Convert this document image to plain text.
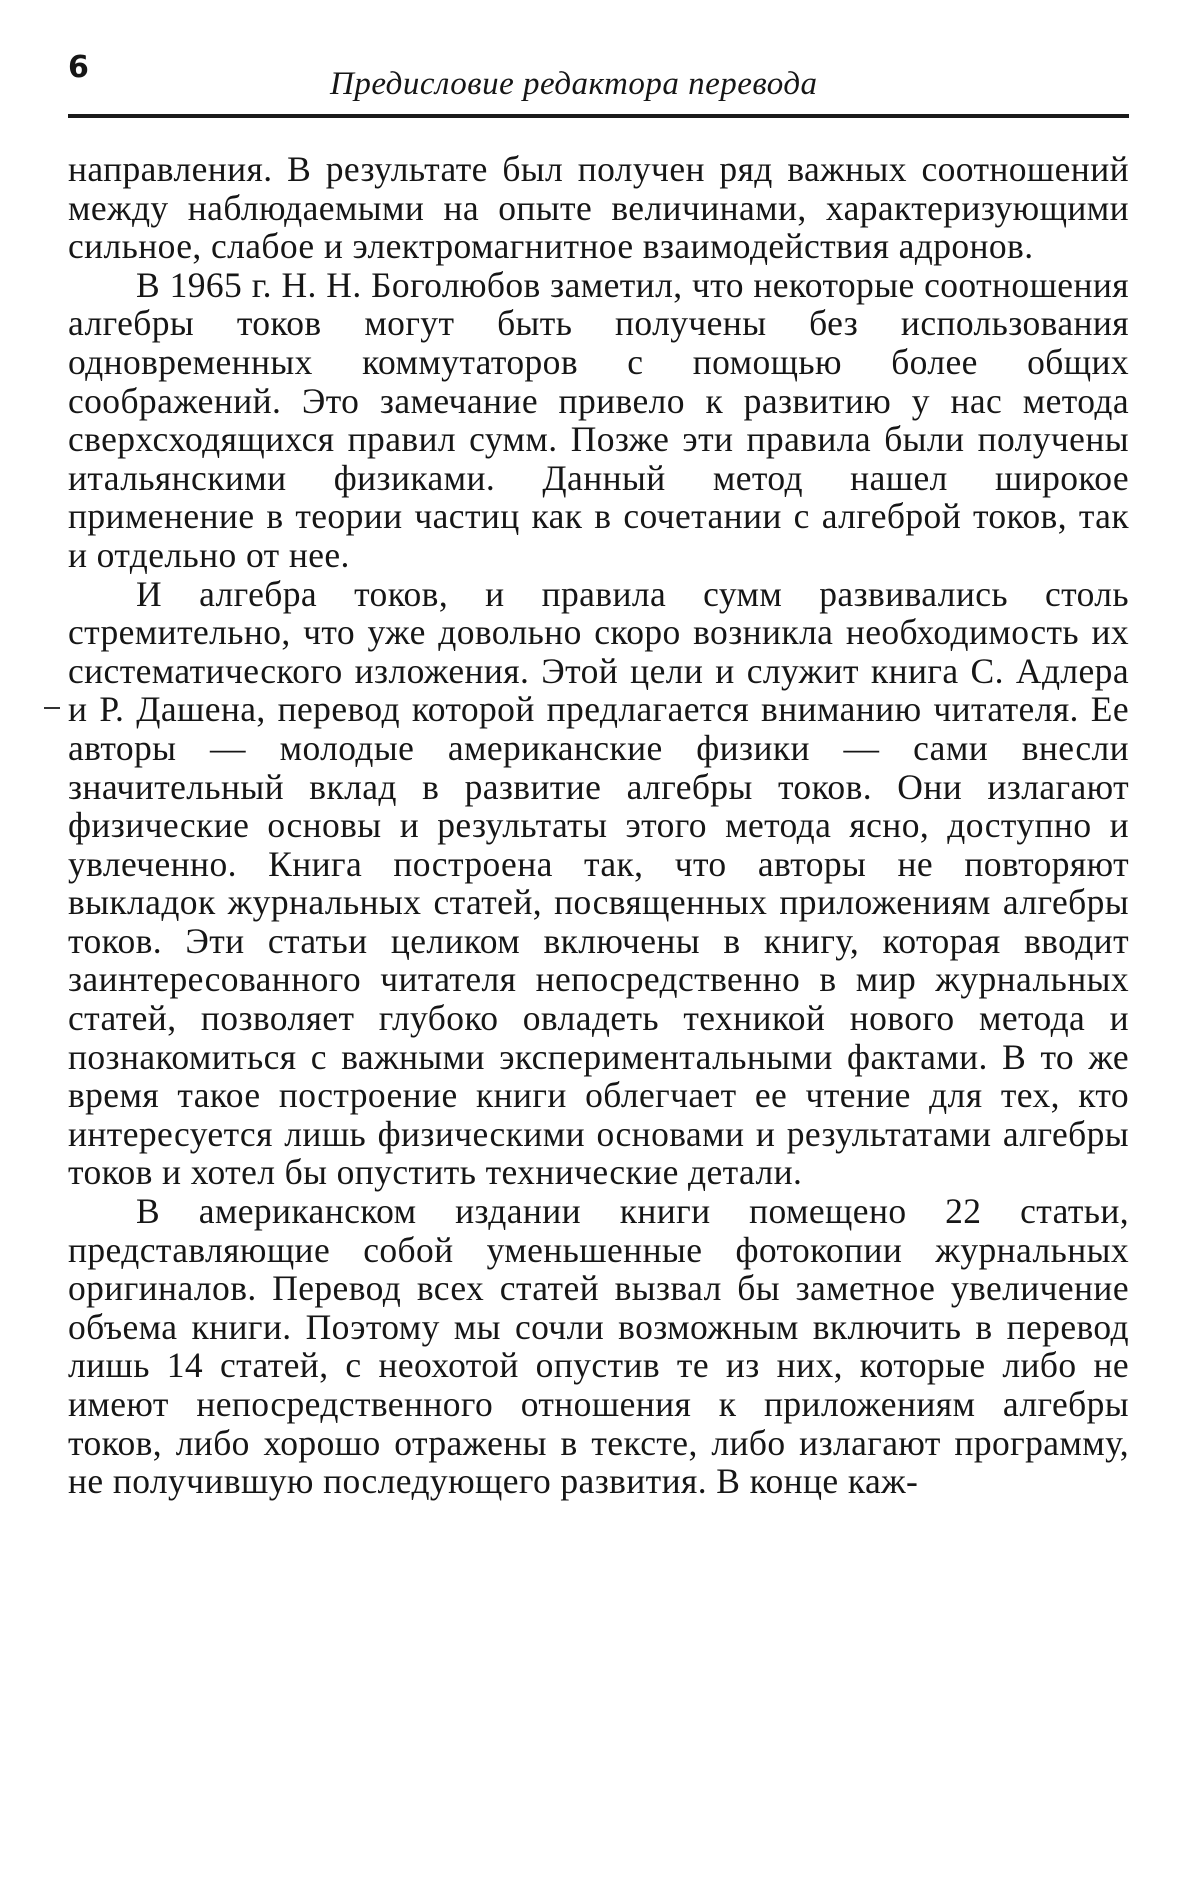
6	Предисловие редактора перевода

направления. В результате был получен ряд важных соотношений между наблюдаемыми на опыте величинами, характеризующими сильное, слабое и электромагнитное взаимодействия адронов.

В 1965 г. Н. Н. Боголюбов заметил, что некоторые соотношения алгебры токов могут быть получены без использования одновременных коммутаторов с помощью более общих соображений. Это замечание привело к развитию у нас метода сверхсходящихся правил сумм. Позже эти правила были получены итальянскими физиками. Данный метод нашел широкое применение в теории частиц как в сочетании с алгеброй токов, так и отдельно от нее.

И алгебра токов, и правила сумм развивались столь стремительно, что уже довольно скоро возникла необходимость их систематического изложения. Этой цели и служит книга С. Адлера и Р. Дашена, перевод которой предлагается вниманию читателя. Ее авторы — молодые американские физики — сами внесли значительный вклад в развитие алгебры токов. Они излагают физические основы и результаты этого метода ясно, доступно и увлеченно. Книга построена так, что авторы не повторяют выкладок журнальных статей, посвященных приложениям алгебры токов. Эти статьи целиком включены в книгу, которая вводит заинтересованного читателя непосредственно в мир журнальных статей, позволяет глубоко овладеть техникой нового метода и познакомиться с важными экспериментальными фактами. В то же время такое построение книги облегчает ее чтение для тех, кто интересуется лишь физическими основами и результатами алгебры токов и хотел бы опустить технические детали.

В американском издании книги помещено 22 статьи, представляющие собой уменьшенные фотокопии журнальных оригиналов. Перевод всех статей вызвал бы заметное увеличение объема книги. Поэтому мы сочли возможным включить в перевод лишь 14 статей, с неохотой опустив те из них, которые либо не имеют непосредственного отношения к приложениям алгебры токов, либо хорошо отражены в тексте, либо излагают программу, не получившую последующего развития. В конце каж-
